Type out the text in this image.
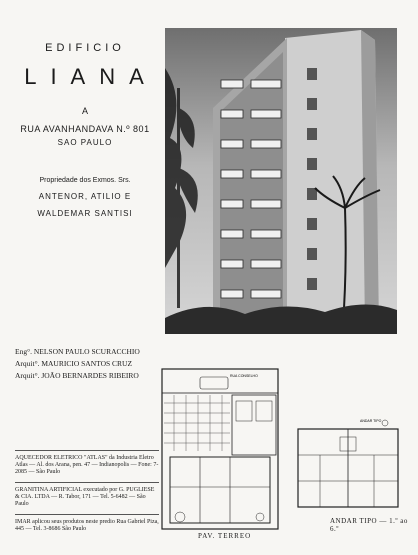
EDIFICIO
LIANA
A
RUA AVANHANDAVA N.º 801
SAO PAULO
Propriedade dos Exmos. Srs.
ANTENOR, ATILIO E
WALDEMAR SANTISI
Eng°. NELSON PAULO SCURACCHIO
Arquit°. MAURICIO SANTOS CRUZ
Arquit°. JOÃO BERNARDES RIBEIRO
AQUECEDOR ELETRICO "ATLAS" da Industria Eletro Atlas — Al. dos Arana, pen. 47 — Indianopolis — Fone: 7-2085 — São Paulo
GRANITINA ARTIFICIAL executado por G. PUGLIESE & CIA. LTDA — R. Tabor, 171 — Tel. 5-6482 — São Paulo
IMAR aplicou seus produtos neste predio Rua Gabriel Piza, 445 — Tel. 3-8686 São Paulo
RUA CONSELHO
ANDAR TIPO
PAV. TERREO
ANDAR TIPO — 1.º ao 6.º
